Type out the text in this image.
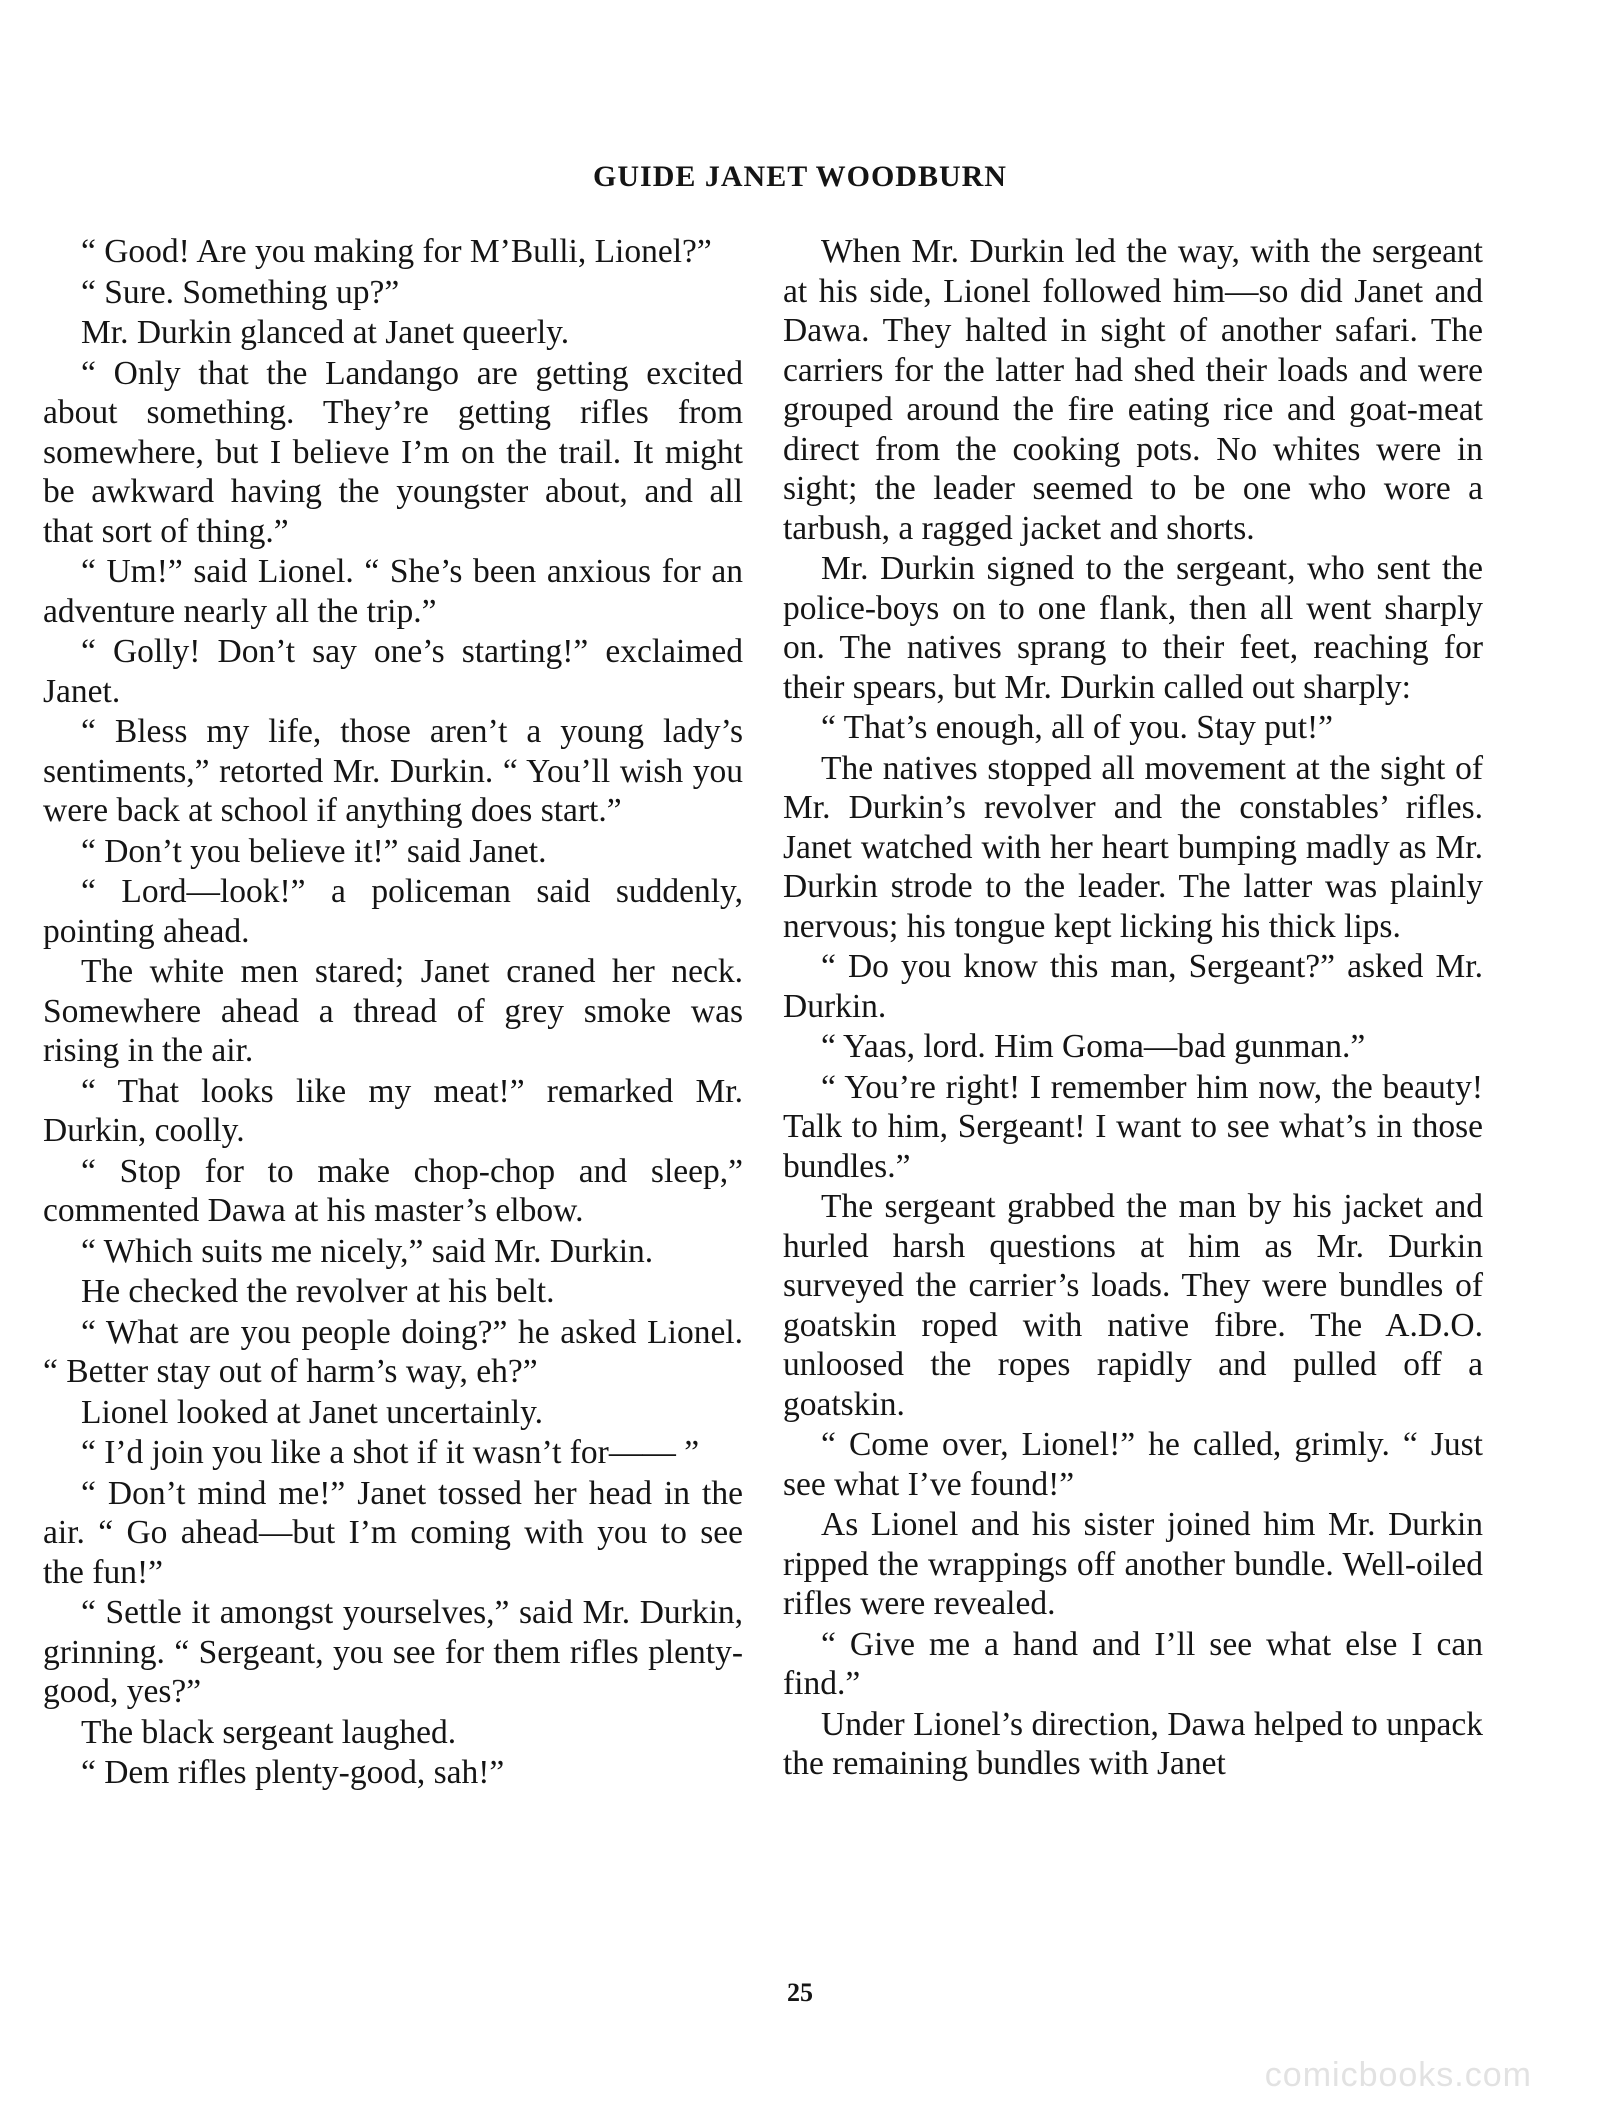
GUIDE JANET WOODBURN

“ Good! Are you making for M’Bulli, Lionel?”

“ Sure. Something up?”

Mr. Durkin glanced at Janet queerly.

“ Only that the Landango are getting excited about something. They’re getting rifles from somewhere, but I believe I’m on the trail. It might be awkward having the youngster about, and all that sort of thing.”

“ Um!” said Lionel. “ She’s been anxious for an adventure nearly all the trip.”

“ Golly! Don’t say one’s starting!” exclaimed Janet.

“ Bless my life, those aren’t a young lady’s sentiments,” retorted Mr. Durkin. “ You’ll wish you were back at school if anything does start.”

“ Don’t you believe it!” said Janet.

“ Lord—look!” a policeman said suddenly, pointing ahead.

The white men stared; Janet craned her neck. Somewhere ahead a thread of grey smoke was rising in the air.

“ That looks like my meat!” remarked Mr. Durkin, coolly.

“ Stop for to make chop-chop and sleep,” commented Dawa at his master’s elbow.

“ Which suits me nicely,” said Mr. Durkin.

He checked the revolver at his belt.

“ What are you people doing?” he asked Lionel. “ Better stay out of harm’s way, eh?”

Lionel looked at Janet uncertainly.

“ I’d join you like a shot if it wasn’t for—— ”

“ Don’t mind me!” Janet tossed her head in the air. “ Go ahead—but I’m coming with you to see the fun!”

“ Settle it amongst yourselves,” said Mr. Durkin, grinning. “ Sergeant, you see for them rifles plenty-good, yes?”

The black sergeant laughed.

“ Dem rifles plenty-good, sah!”

When Mr. Durkin led the way, with the sergeant at his side, Lionel followed him—so did Janet and Dawa. They halted in sight of another safari. The carriers for the latter had shed their loads and were grouped around the fire eating rice and goat-meat direct from the cooking pots. No whites were in sight; the leader seemed to be one who wore a tarbush, a ragged jacket and shorts.

Mr. Durkin signed to the sergeant, who sent the police-boys on to one flank, then all went sharply on. The natives sprang to their feet, reaching for their spears, but Mr. Durkin called out sharply:

“ That’s enough, all of you. Stay put!”

The natives stopped all movement at the sight of Mr. Durkin’s revolver and the constables’ rifles. Janet watched with her heart bumping madly as Mr. Durkin strode to the leader. The latter was plainly nervous; his tongue kept licking his thick lips.

“ Do you know this man, Sergeant?” asked Mr. Durkin.

“ Yaas, lord. Him Goma—bad gunman.”

“ You’re right! I remember him now, the beauty! Talk to him, Sergeant! I want to see what’s in those bundles.”

The sergeant grabbed the man by his jacket and hurled harsh questions at him as Mr. Durkin surveyed the carrier’s loads. They were bundles of goatskin roped with native fibre. The A.D.O. unloosed the ropes rapidly and pulled off a goatskin.

“ Come over, Lionel!” he called, grimly. “ Just see what I’ve found!”

As Lionel and his sister joined him Mr. Durkin ripped the wrappings off another bundle. Well-oiled rifles were revealed.

“ Give me a hand and I’ll see what else I can find.”

Under Lionel’s direction, Dawa helped to unpack the remaining bundles with Janet

25
comicbooks.com
